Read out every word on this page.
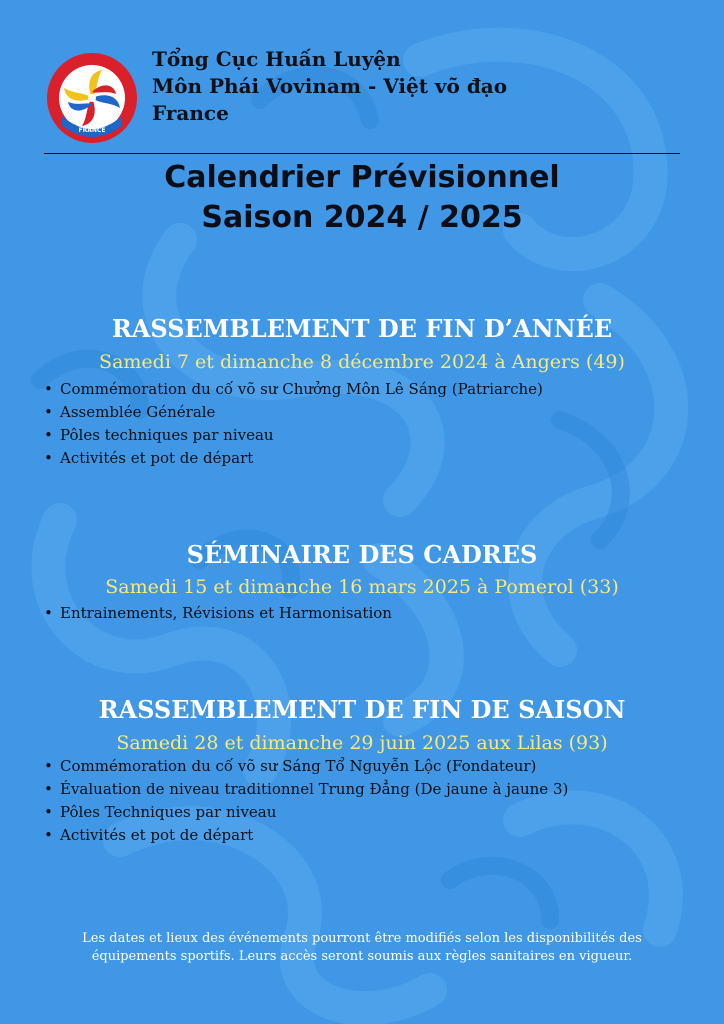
FRANCE
Tổng Cục Huấn Luyện
Môn Phái Vovinam - Việt võ đạo
France
Calendrier Prévisionnel
Saison 2024 / 2025
RASSEMBLEMENT DE FIN D’ANNÉE
Samedi 7 et dimanche 8 décembre 2024 à Angers (49)
• Commémoration du cố võ sư Chưởng Môn Lê Sáng (Patriarche)
• Assemblée Générale
• Pôles techniques par niveau
• Activités et pot de départ
SÉMINAIRE DES CADRES
Samedi 15 et dimanche 16 mars 2025 à Pomerol (33)
• Entrainements, Révisions et Harmonisation
RASSEMBLEMENT DE FIN DE SAISON
Samedi 28 et dimanche 29 juin 2025 aux Lilas (93)
• Commémoration du cố võ sư Sáng Tổ Nguyễn Lộc (Fondateur)
• Évaluation de niveau traditionnel Trung Đẳng (De jaune à jaune 3)
• Pôles Techniques par niveau
• Activités et pot de départ
Les dates et lieux des événements pourront être modifiés selon les disponibilités des
équipements sportifs. Leurs accès seront soumis aux règles sanitaires en vigueur.
